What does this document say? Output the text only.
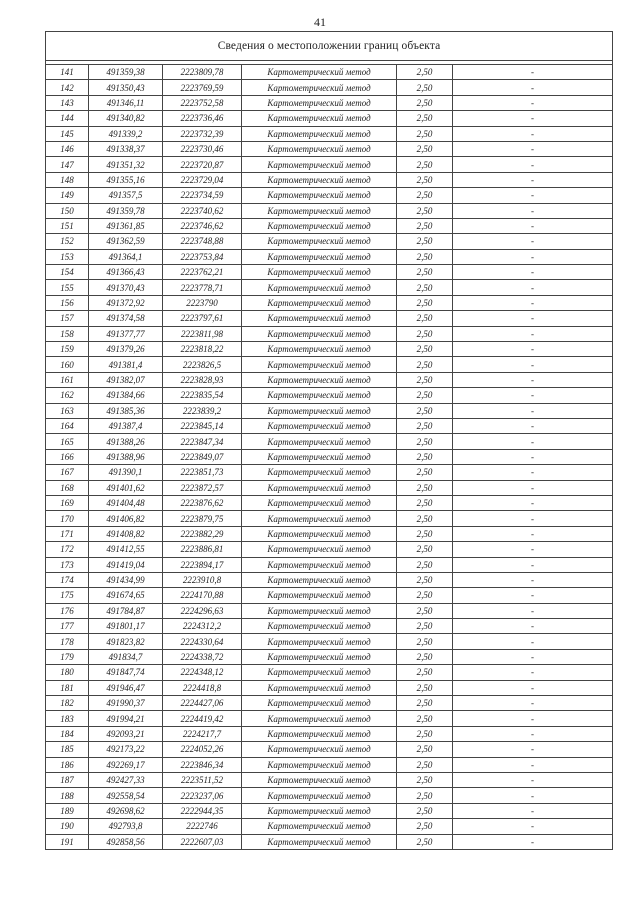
41
Сведения о местоположении границ объекта					

141	491359,38	2223809,78	Картометрический метод	2,50	-
142	491350,43	2223769,59	Картометрический метод	2,50	-
143	491346,11	2223752,58	Картометрический метод	2,50	-
144	491340,82	2223736,46	Картометрический метод	2,50	-
145	491339,2	2223732,39	Картометрический метод	2,50	-
146	491338,37	2223730,46	Картометрический метод	2,50	-
147	491351,32	2223720,87	Картометрический метод	2,50	-
148	491355,16	2223729,04	Картометрический метод	2,50	-
149	491357,5	2223734,59	Картометрический метод	2,50	-
150	491359,78	2223740,62	Картометрический метод	2,50	-
151	491361,85	2223746,62	Картометрический метод	2,50	-
152	491362,59	2223748,88	Картометрический метод	2,50	-
153	491364,1	2223753,84	Картометрический метод	2,50	-
154	491366,43	2223762,21	Картометрический метод	2,50	-
155	491370,43	2223778,71	Картометрический метод	2,50	-
156	491372,92	2223790	Картометрический метод	2,50	-
157	491374,58	2223797,61	Картометрический метод	2,50	-
158	491377,77	2223811,98	Картометрический метод	2,50	-
159	491379,26	2223818,22	Картометрический метод	2,50	-
160	491381,4	2223826,5	Картометрический метод	2,50	-
161	491382,07	2223828,93	Картометрический метод	2,50	-
162	491384,66	2223835,54	Картометрический метод	2,50	-
163	491385,36	2223839,2	Картометрический метод	2,50	-
164	491387,4	2223845,14	Картометрический метод	2,50	-
165	491388,26	2223847,34	Картометрический метод	2,50	-
166	491388,96	2223849,07	Картометрический метод	2,50	-
167	491390,1	2223851,73	Картометрический метод	2,50	-
168	491401,62	2223872,57	Картометрический метод	2,50	-
169	491404,48	2223876,62	Картометрический метод	2,50	-
170	491406,82	2223879,75	Картометрический метод	2,50	-
171	491408,82	2223882,29	Картометрический метод	2,50	-
172	491412,55	2223886,81	Картометрический метод	2,50	-
173	491419,04	2223894,17	Картометрический метод	2,50	-
174	491434,99	2223910,8	Картометрический метод	2,50	-
175	491674,65	2224170,88	Картометрический метод	2,50	-
176	491784,87	2224296,63	Картометрический метод	2,50	-
177	491801,17	2224312,2	Картометрический метод	2,50	-
178	491823,82	2224330,64	Картометрический метод	2,50	-
179	491834,7	2224338,72	Картометрический метод	2,50	-
180	491847,74	2224348,12	Картометрический метод	2,50	-
181	491946,47	2224418,8	Картометрический метод	2,50	-
182	491990,37	2224427,06	Картометрический метод	2,50	-
183	491994,21	2224419,42	Картометрический метод	2,50	-
184	492093,21	2224217,7	Картометрический метод	2,50	-
185	492173,22	2224052,26	Картометрический метод	2,50	-
186	492269,17	2223846,34	Картометрический метод	2,50	-
187	492427,33	2223511,52	Картометрический метод	2,50	-
188	492558,54	2223237,06	Картометрический метод	2,50	-
189	492698,62	2222944,35	Картометрический метод	2,50	-
190	492793,8	2222746	Картометрический метод	2,50	-
191	492858,56	2222607,03	Картометрический метод	2,50	-
